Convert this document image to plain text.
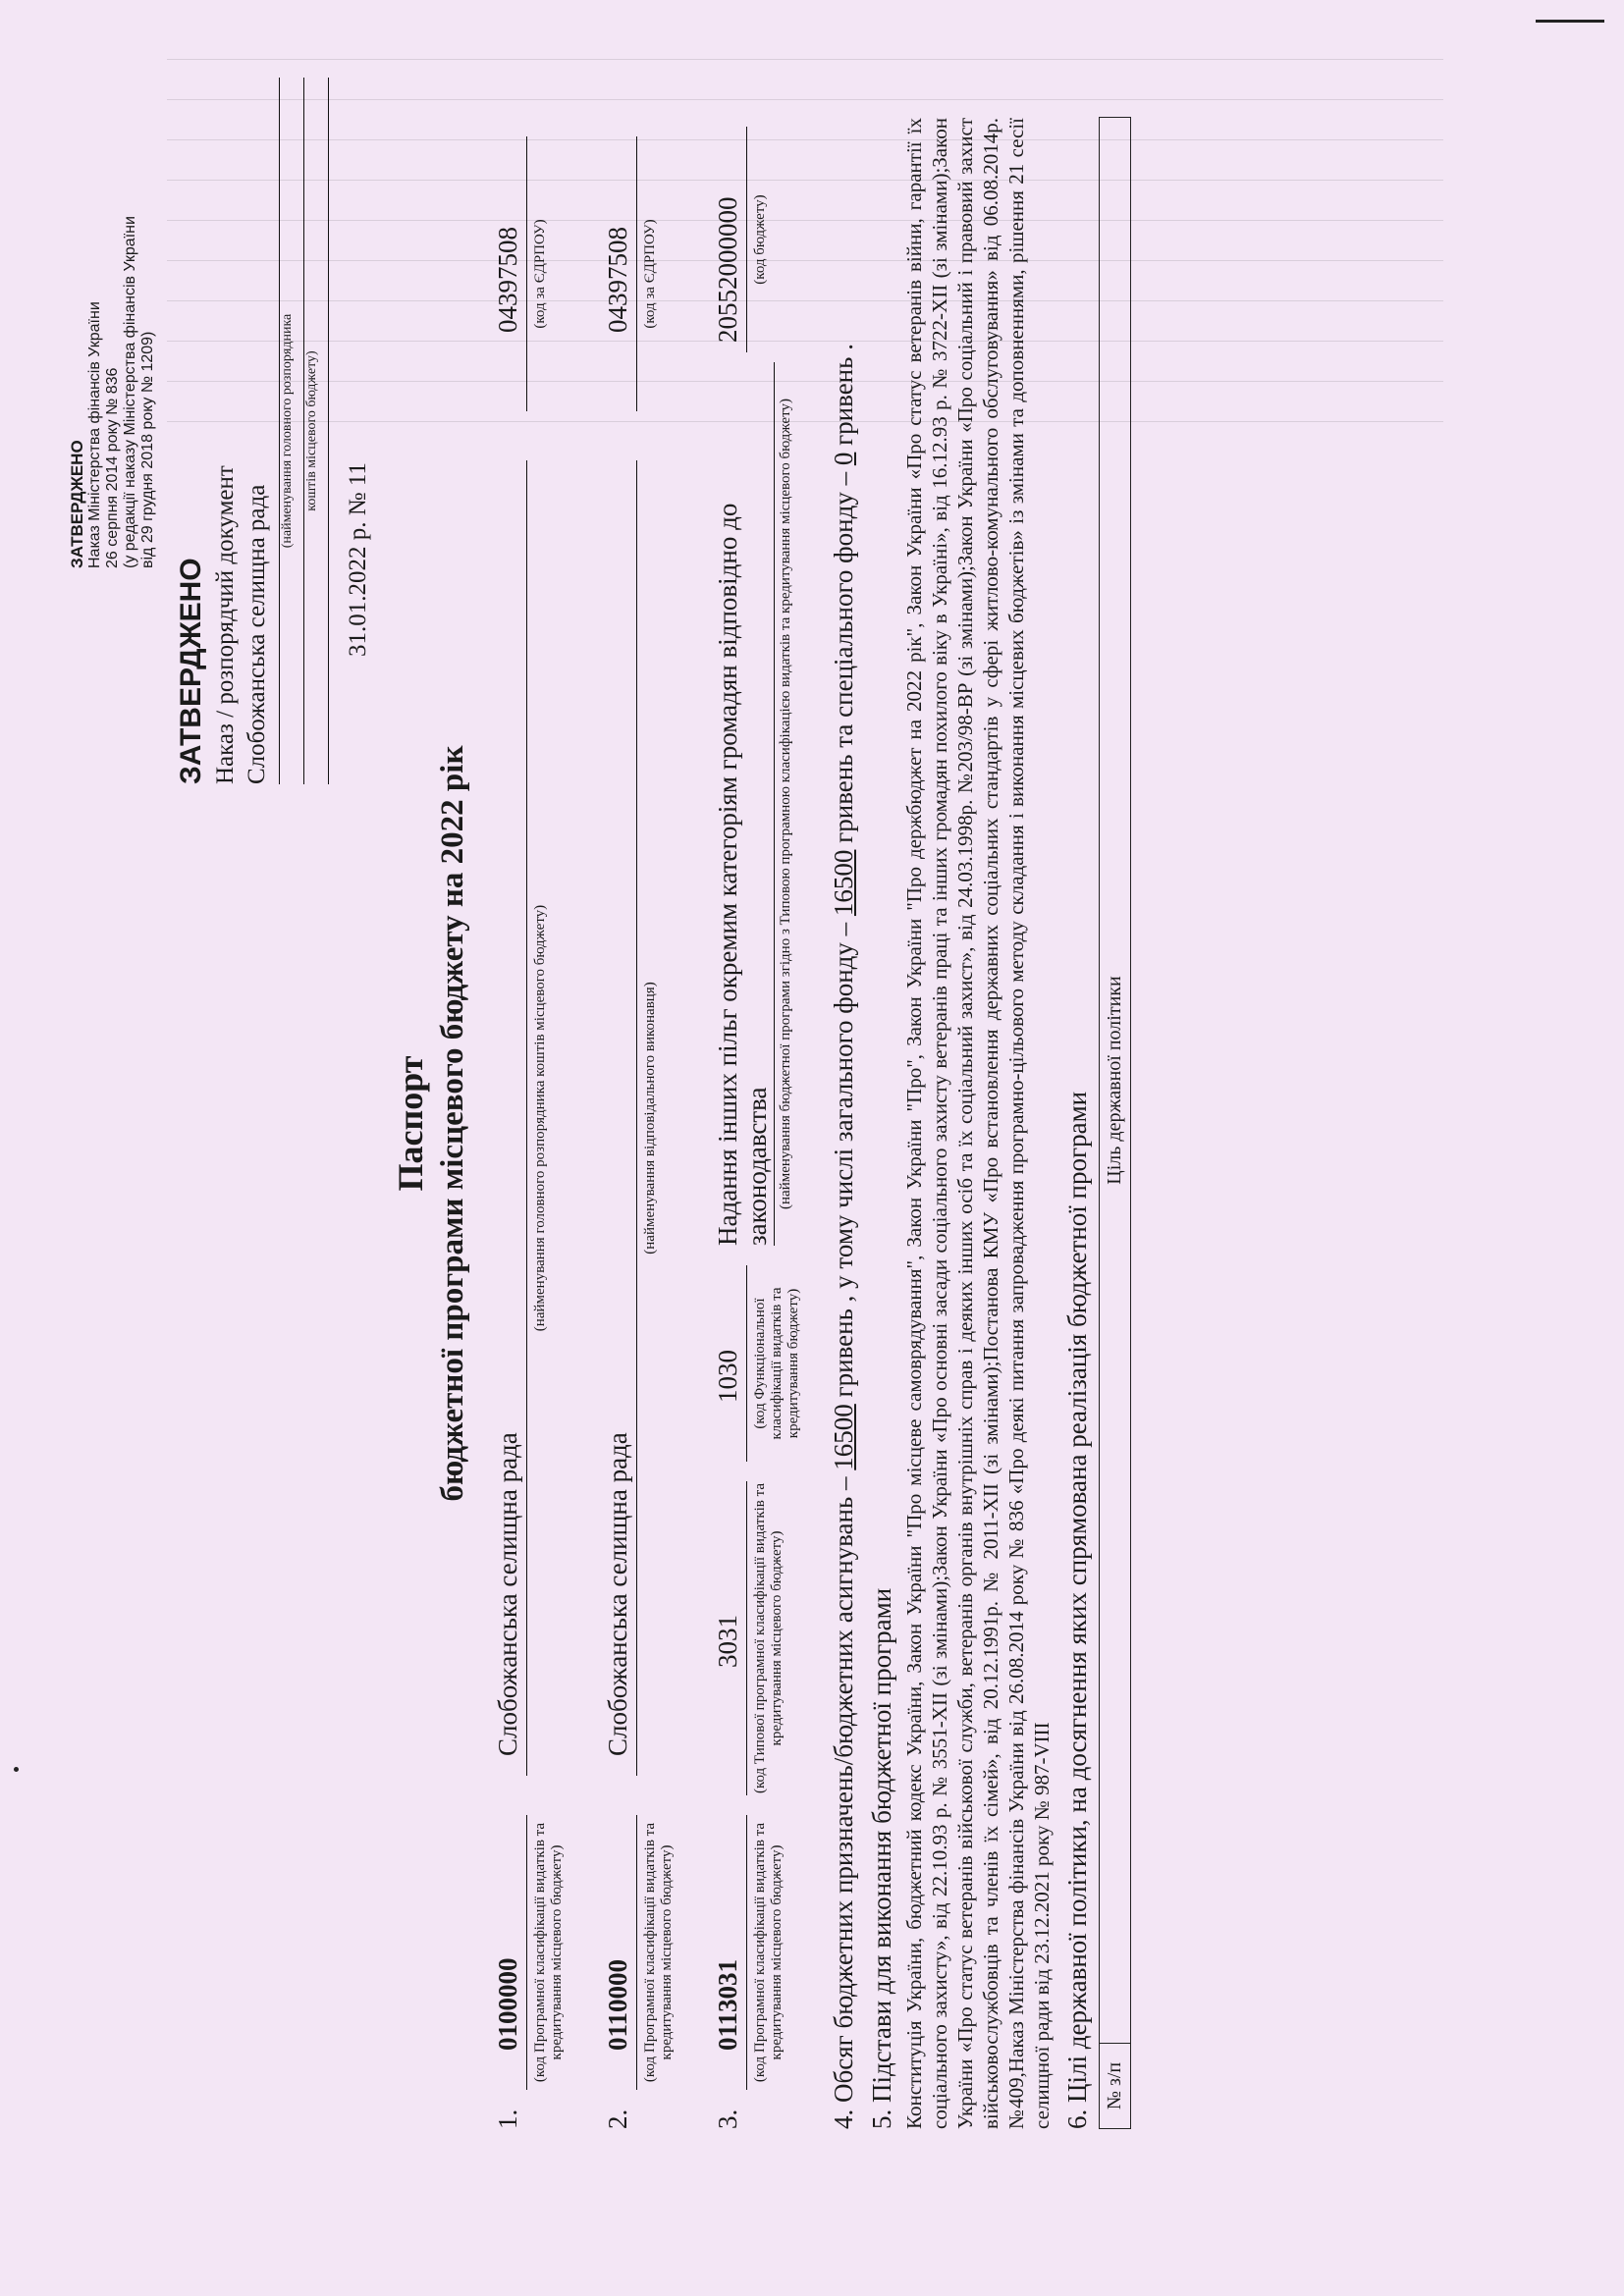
ЗАТВЕРДЖЕНО Наказ Міністерства фінансів України 26 серпня 2014 року № 836 (у редакції наказу Міністерства фінансів України від 29 грудня 2018 року № 1209)
ЗАТВЕРДЖЕНО Наказ / розпорядчий документ Слобожанська селищна рада
(найменування головного розпорядника коштів місцевого бюджету)
31.01.2022 р. № 11
Паспорт бюджетної програми місцевого бюджету на 2022 рік
1.
0100000 (код Програмної класифікації видатків та кредитування місцевого бюджету)
Слобожанська селищна рада
(найменування головного розпорядника коштів місцевого бюджету)
04397508 (код за ЄДРПОУ)
2.
0110000 (код Програмної класифікації видатків та кредитування місцевого бюджету)
Слобожанська селищна рада
(найменування відповідального виконавця)
04397508 (код за ЄДРПОУ)
3.
0113031 (код Програмної класифікації видатків та кредитування місцевого бюджету)
3031 (код Типової програмної класифікації видатків та кредитування місцевого бюджету)
1030 (код Функціональної класифікації видатків та кредитування бюджету)
Надання інших пільг окремим категоріям громадян відповідно до законодавства (найменування бюджетної програми згідно з Типовою програмною класифікацією видатків та кредитування місцевого бюджету)
20552000000 (код бюджету)
4. Обсяг бюджетних призначень/бюджетних асигнувань – 16500 гривень , у тому числі загального фонду – 16500 гривень та спеціального фонду – 0 гривень .
5. Підстави для виконання бюджетної програми Конституція України, бюджетний кодекс України, Закон України "Про місцеве самоврядування", Закон України "Про", Закон України "Про держбюджет на 2022 рік", Закон України «Про статус ветеранів війни, гарантії їх соціального захисту», від 22.10.93 р. № 3551-XII (зі змінами);Закон України «Про основні засади соціального захисту ветеранів праці та інших громадян похилого віку в Україні», від 16.12.93 р. № 3722-XII (зі змінами);Закон України «Про статус ветеранів військової служби, ветеранів органів внутрішніх справ і деяких інших осіб та їх соціальний захист», від 24.03.1998р. №203/98-ВР (зі змінами);Закон України «Про соціальний і правовий захист військовослужбовців та членів їх сімей», від 20.12.1991р. № 2011-XII (зі змінами);Постанова КМУ «Про встановлення державних соціальних стандартів у сфері житлово-комунального обслуговування» від 06.08.2014р. №409,Наказ Міністерства фінансів України від 26.08.2014 року № 836 «Про деякі питання запровадження програмно-цільового методу складання і виконання місцевих бюджетів» із змінами та доповненнями, рішення 21 сесії селищної ради від 23.12.2021 року № 987-VIII 6. Цілі державної політики, на досягнення яких спрямована реалізація бюджетної програми № з/п	Ціль державної політики
